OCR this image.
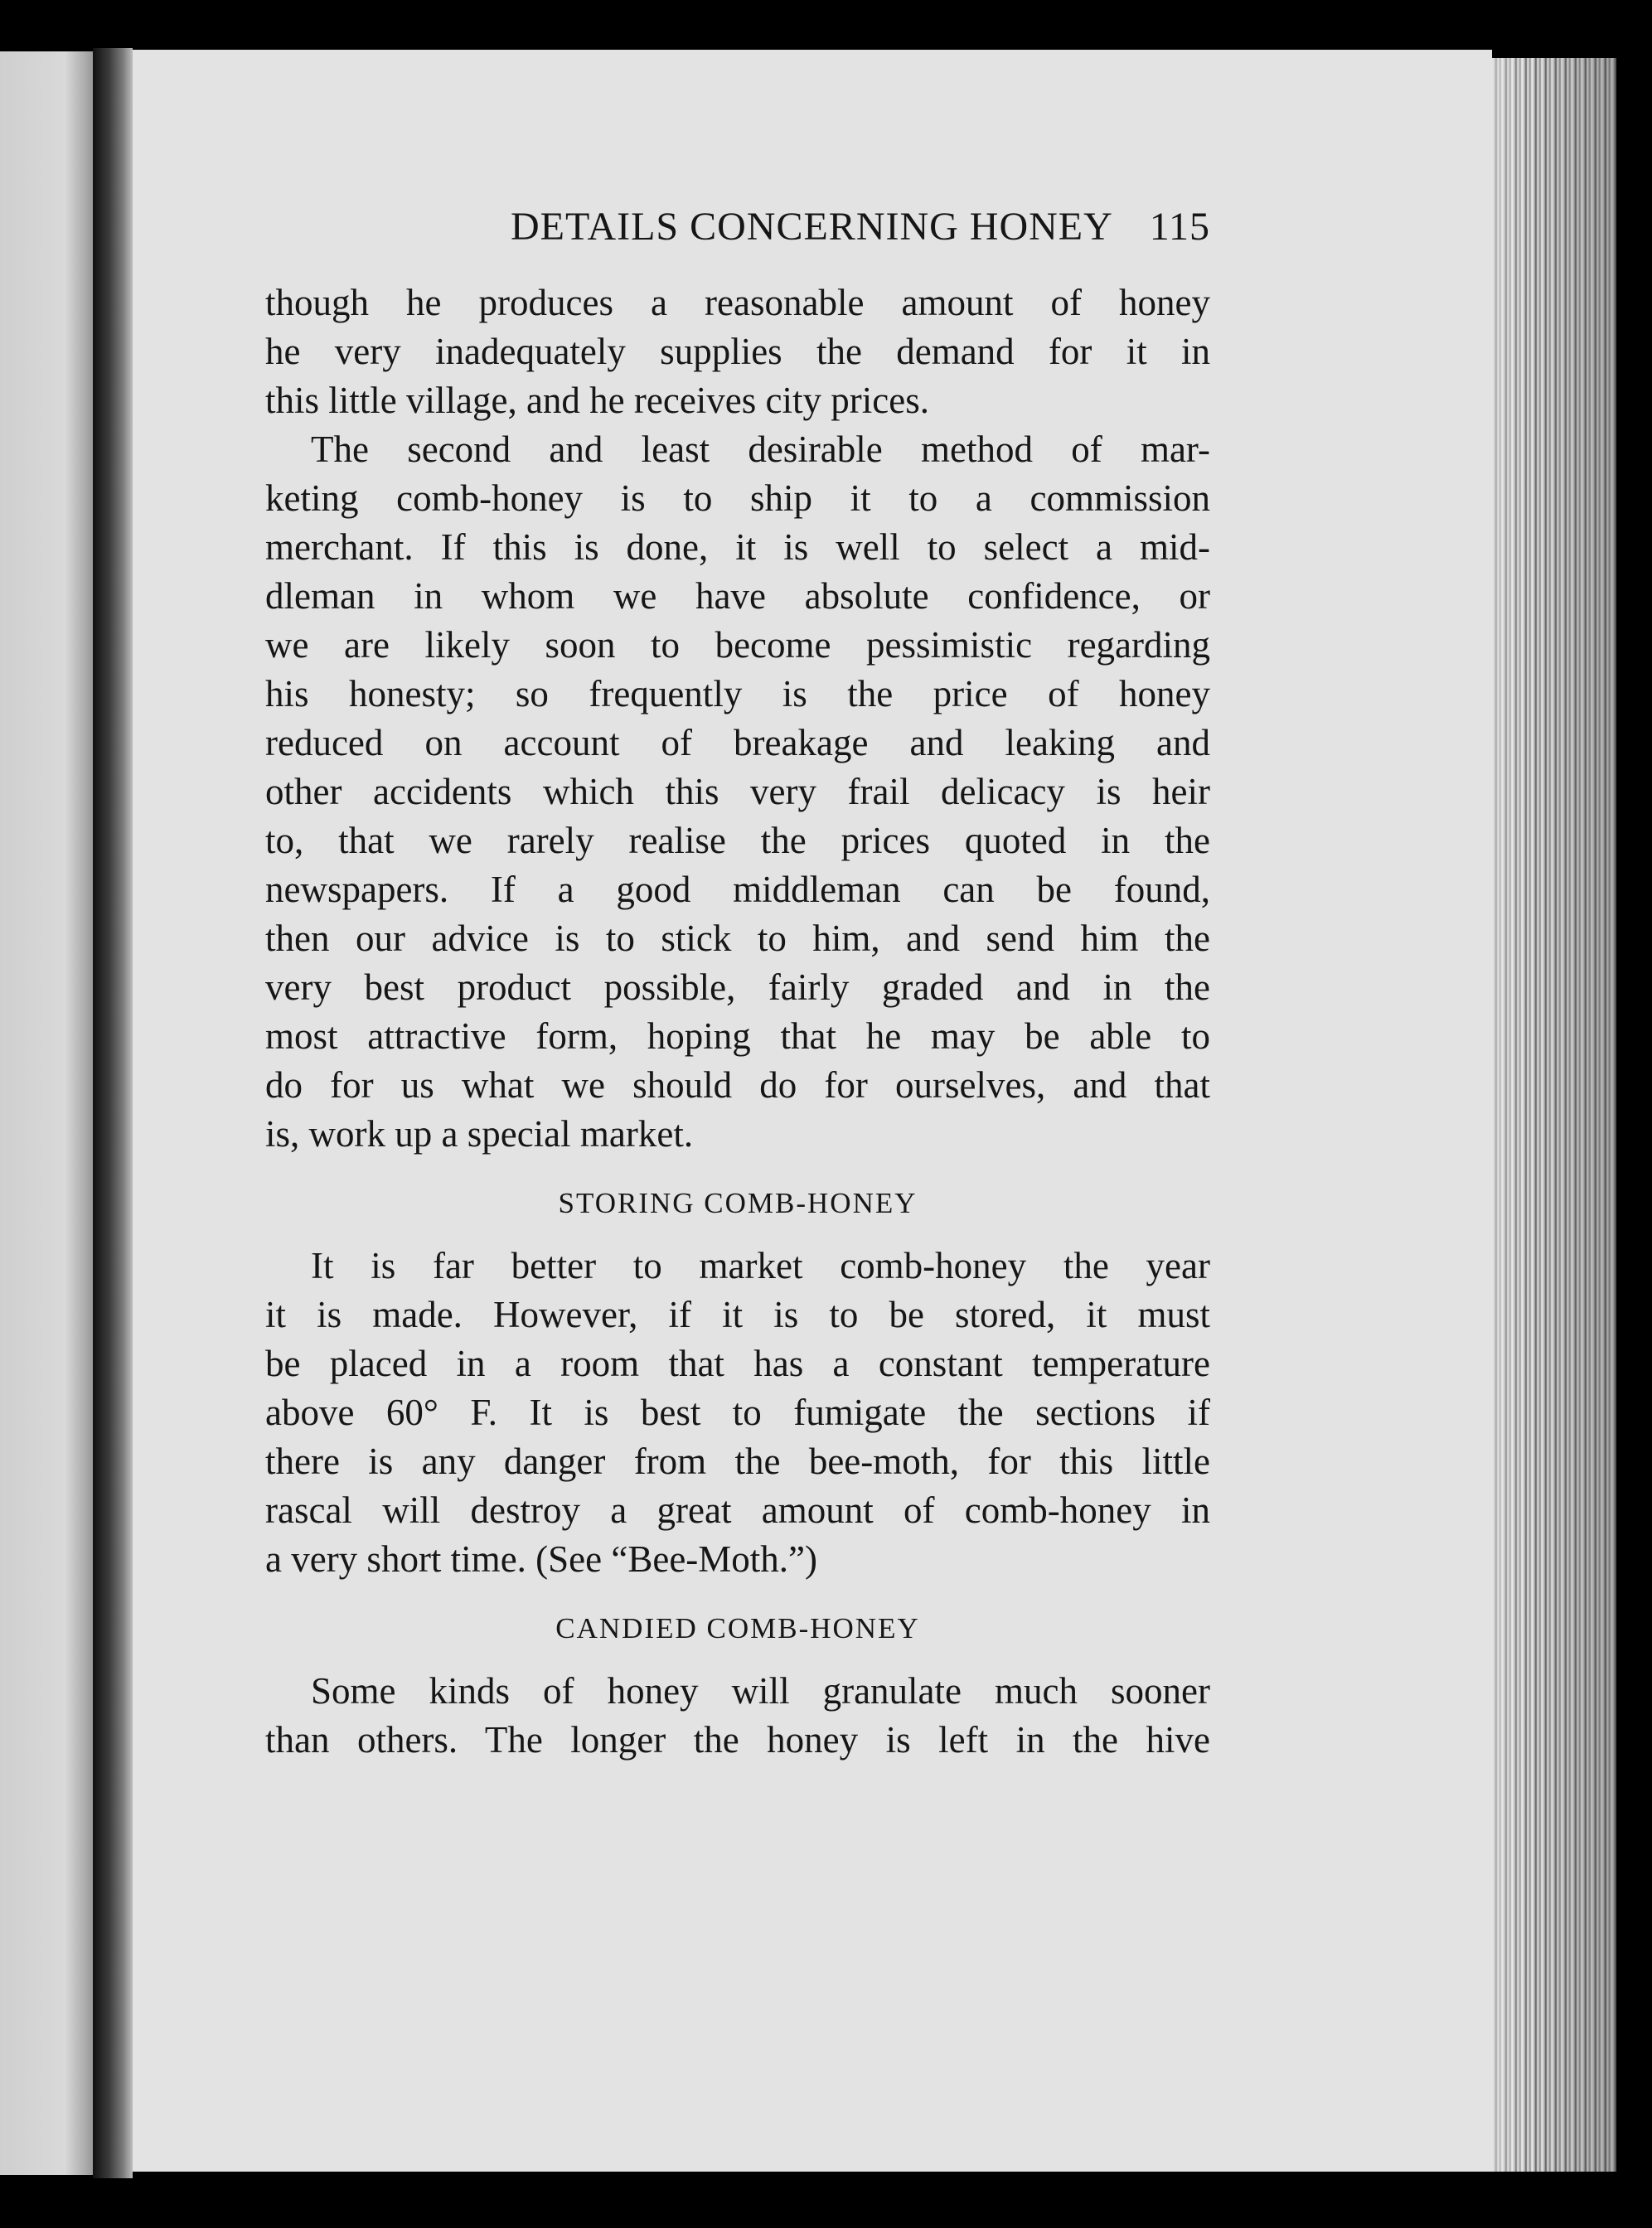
DETAILS CONCERNING HONEY 115
though he produces a reasonable amount of honey
he very inadequately supplies the demand for it in
this little village, and he receives city prices.
The second and least desirable method of mar-
keting comb-honey is to ship it to a commission
merchant. If this is done, it is well to select a mid-
dleman in whom we have absolute confidence, or
we are likely soon to become pessimistic regarding
his honesty; so frequently is the price of honey
reduced on account of breakage and leaking and
other accidents which this very frail delicacy is heir
to, that we rarely realise the prices quoted in the
newspapers. If a good middleman can be found,
then our advice is to stick to him, and send him the
very best product possible, fairly graded and in the
most attractive form, hoping that he may be able to
do for us what we should do for ourselves, and that
is, work up a special market.
STORING COMB-HONEY
It is far better to market comb-honey the year
it is made. However, if it is to be stored, it must
be placed in a room that has a constant temperature
above 60° F. It is best to fumigate the sections if
there is any danger from the bee-moth, for this little
rascal will destroy a great amount of comb-honey in
a very short time. (See “Bee-Moth.”)
CANDIED COMB-HONEY
Some kinds of honey will granulate much sooner
than others. The longer the honey is left in the hive
